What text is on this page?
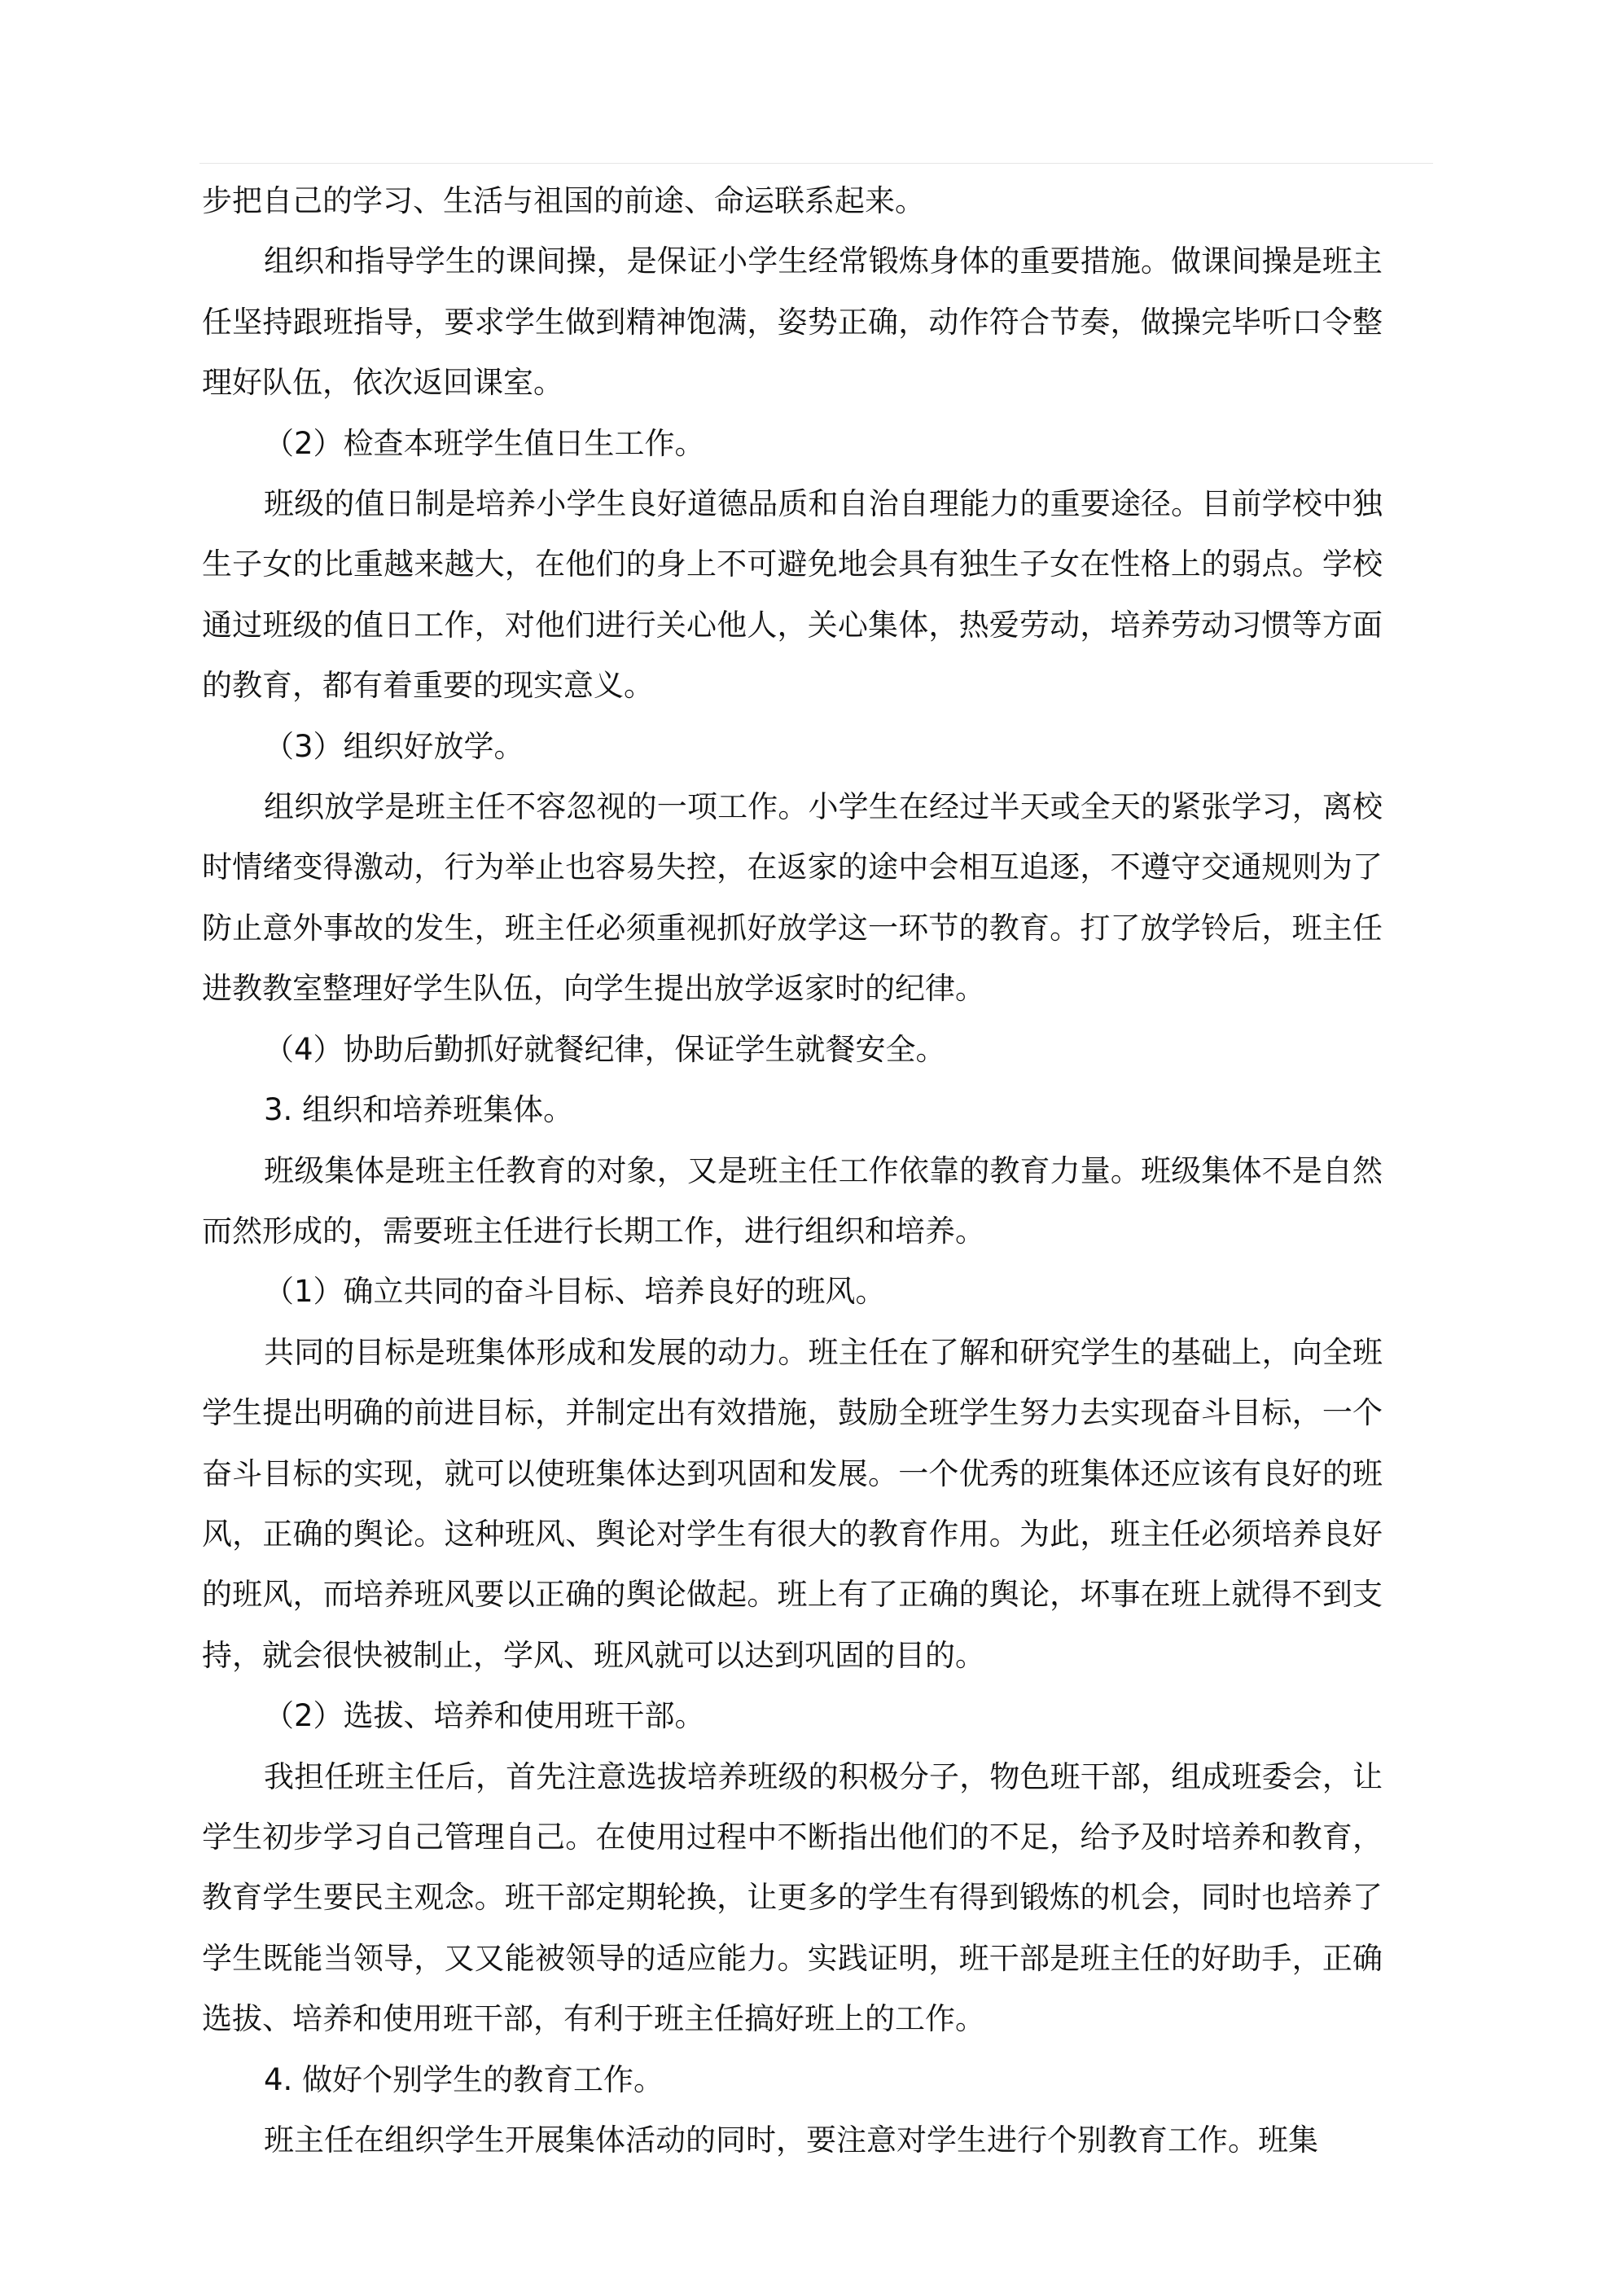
步把自己的学习、生活与祖国的前途、命运联系起来。

组织和指导学生的课间操，是保证小学生经常锻炼身体的重要措施。做课间操是班主任坚持跟班指导，要求学生做到精神饱满，姿势正确，动作符合节奏，做操完毕听口令整理好队伍，依次返回课室。

（2）检查本班学生值日生工作。

班级的值日制是培养小学生良好道德品质和自治自理能力的重要途径。目前学校中独生子女的比重越来越大，在他们的身上不可避免地会具有独生子女在性格上的弱点。学校通过班级的值日工作，对他们进行关心他人，关心集体，热爱劳动，培养劳动习惯等方面的教育，都有着重要的现实意义。

（3）组织好放学。

组织放学是班主任不容忽视的一项工作。小学生在经过半天或全天的紧张学习，离校时情绪变得激动，行为举止也容易失控，在返家的途中会相互追逐，不遵守交通规则为了防止意外事故的发生，班主任必须重视抓好放学这一环节的教育。打了放学铃后，班主任进教教室整理好学生队伍，向学生提出放学返家时的纪律。

（4）协助后勤抓好就餐纪律，保证学生就餐安全。

3. 组织和培养班集体。

班级集体是班主任教育的对象，又是班主任工作依靠的教育力量。班级集体不是自然而然形成的，需要班主任进行长期工作，进行组织和培养。

（1）确立共同的奋斗目标、培养良好的班风。

共同的目标是班集体形成和发展的动力。班主任在了解和研究学生的基础上，向全班学生提出明确的前进目标，并制定出有效措施，鼓励全班学生努力去实现奋斗目标，一个奋斗目标的实现，就可以使班集体达到巩固和发展。一个优秀的班集体还应该有良好的班风，正确的舆论。这种班风、舆论对学生有很大的教育作用。为此，班主任必须培养良好的班风，而培养班风要以正确的舆论做起。班上有了正确的舆论，坏事在班上就得不到支持，就会很快被制止，学风、班风就可以达到巩固的目的。

（2）选拔、培养和使用班干部。

我担任班主任后，首先注意选拔培养班级的积极分子，物色班干部，组成班委会，让学生初步学习自己管理自己。在使用过程中不断指出他们的不足，给予及时培养和教育，教育学生要民主观念。班干部定期轮换，让更多的学生有得到锻炼的机会，同时也培养了学生既能当领导，又又能被领导的适应能力。实践证明，班干部是班主任的好助手，正确选拔、培养和使用班干部，有利于班主任搞好班上的工作。

4. 做好个别学生的教育工作。

班主任在组织学生开展集体活动的同时，要注意对学生进行个别教育工作。班集
